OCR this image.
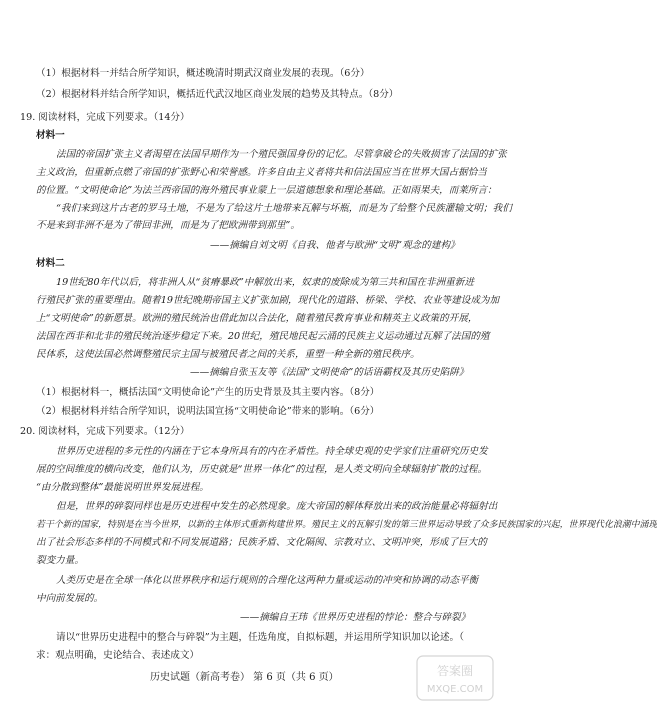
（1）根据材料一并结合所学知识，概述晚清时期武汉商业发展的表现。（6分）
（2）根据材料并结合所学知识，概括近代武汉地区商业发展的趋势及其特点。（8分）
19. 阅读材料，完成下列要求。（14分）
材料一
法国的帝国扩张主义者渴望在法国早期作为一个殖民强国身份的记忆。尽管拿破仑的失败损害了法国的扩张
主义政治，但重新点燃了帝国的扩张野心和荣誉感。许多自由主义者将共和信法国应当在世界大国占据恰当
的位置。“文明使命论”为法兰西帝国的海外殖民事业蒙上一层道德想象和理论基础。正如雨果夫，而莱所言：
“我们来到这片古老的罗马土地，不是为了给这片土地带来瓦解与坏瓶，而是为了给整个民族灌输文明；我们
不是来到非洲不是为了带回非洲，而是为了把欧洲带到那里”。
——摘编自刘文明《自我、他者与欧洲“文明”观念的建构》
材料二
19世纪80年代以后，将非洲人从“贫瘠暴政”中解放出来，奴隶的废除成为第三共和国在非洲重新进
行殖民扩张的重要理由。随着19世纪晚期帝国主义扩张加剧，现代化的道路、桥梁、学校、农业等建设成为加
上“文明使命”的新愿景。欧洲的殖民统治也借此加以合法化，随着殖民教育事业和精英主义政策的开展，
法国在西非和北非的殖民统治逐步稳定下来。20世纪，殖民地民起云涌的民族主义运动通过瓦解了法国的殖
民体系，这使法国必然调整殖民宗主国与被殖民者之间的关系，重塑一种全新的殖民秩序。
——摘编自张玉友等《法国“文明使命”的话语霸权及其历史陷阱》
（1）根据材料一，概括法国“文明使命论”产生的历史背景及其主要内容。（8分）
（2）根据材料并结合所学知识，说明法国宣扬“文明使命论”带来的影响。（6分）
20. 阅读材料，完成下列要求。（12分）
世界历史进程的多元性的内涵在于它本身所具有的内在矛盾性。持全球史观的史学家们注重研究历史发
展的空间维度的横向改变，他们认为，历史就是“世界一体化”的过程，是人类文明向全球辐射扩散的过程。
“由分散到整体”最能说明世界发展进程。
但是，世界的碎裂同样也是历史进程中发生的必然现象。庞大帝国的解体释放出来的政治能量必将辐射出
若干个新的国家，特别是在当今世界，以新的主体形式重新构建世界。殖民主义的瓦解引发的第三世界运动导致了众多民族国家的兴起，世界现代化浪潮中涌现
出了社会形态多样的不同模式和不同发展道路；民族矛盾、文化隔阂、宗教对立、文明冲突，形成了巨大的
裂变力量。
人类历史是在全球一体化以世界秩序和运行规则的合理化这两种力量或运动的冲突和协调的动态平衡
中向前发展的。
——摘编自王玮《世界历史进程的悖论：整合与碎裂》
请以“世界历史进程中的整合与碎裂”为主题，任选角度，自拟标题，并运用所学知识加以论述。（
求：观点明确，史论结合、表述成文）
历史试题（新高考卷） 第 6 页（共 6 页）	答案圈
MXQE.COM
